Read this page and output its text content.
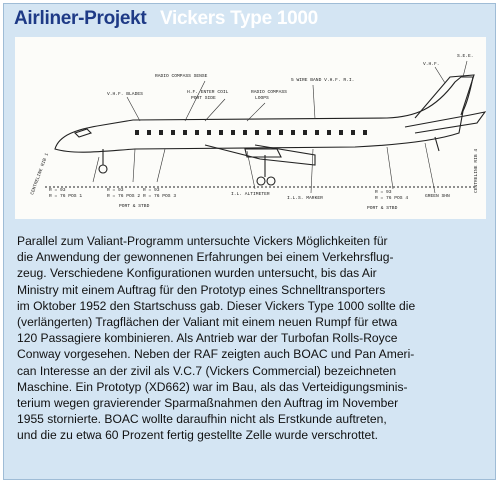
Airliner-Projekt Vickers Type 1000
RADIO COMPASS SENSE
V.H.F. BLADES	H.F. ENTER COIL
PORT SIDE
RADIO COMPASS
LOOPS
5 WIRE BAND V.H.F. R.I.
V.H.F.
S.E.E.
CENTRELINE RIB 1	CENTRELINE RIB 4
R = 93
R = 76 POS 1
R = 93
R = 76 POS 2
R = 93
R = 76 POS 3
PORT & STBD
I.L. ALTIMETER
I.L.S. MARKER
R = 93
R = 76 POS 4
PORT & STBD
GREEN SHN
Parallel zum Valiant-Programm untersuchte Vickers Möglichkeiten für
die Anwendung der gewonnenen Erfahrungen bei einem Verkehrsflug-
zeug. Verschiedene Konfigurationen wurden untersucht, bis das Air
Ministry mit einem Auftrag für den Prototyp eines Schnelltransporters
im Oktober 1952 den Startschuss gab. Dieser Vickers Type 1000 sollte die
(verlängerten) Tragflächen der Valiant mit einem neuen Rumpf für etwa
120 Passagiere kombinieren. Als Antrieb war der Turbofan Rolls-Royce
Conway vorgesehen. Neben der RAF zeigten auch BOAC und Pan Ameri-
can Interesse an der zivil als V.C.7 (Vickers Commercial) bezeichneten
Maschine. Ein Prototyp (XD662) war im Bau, als das Verteidigungsminis-
terium wegen gravierender Sparmaßnahmen den Auftrag im November
1955 stornierte. BOAC wollte daraufhin nicht als Erstkunde auftreten,
und die zu etwa 60 Prozent fertig gestellte Zelle wurde verschrottet.
